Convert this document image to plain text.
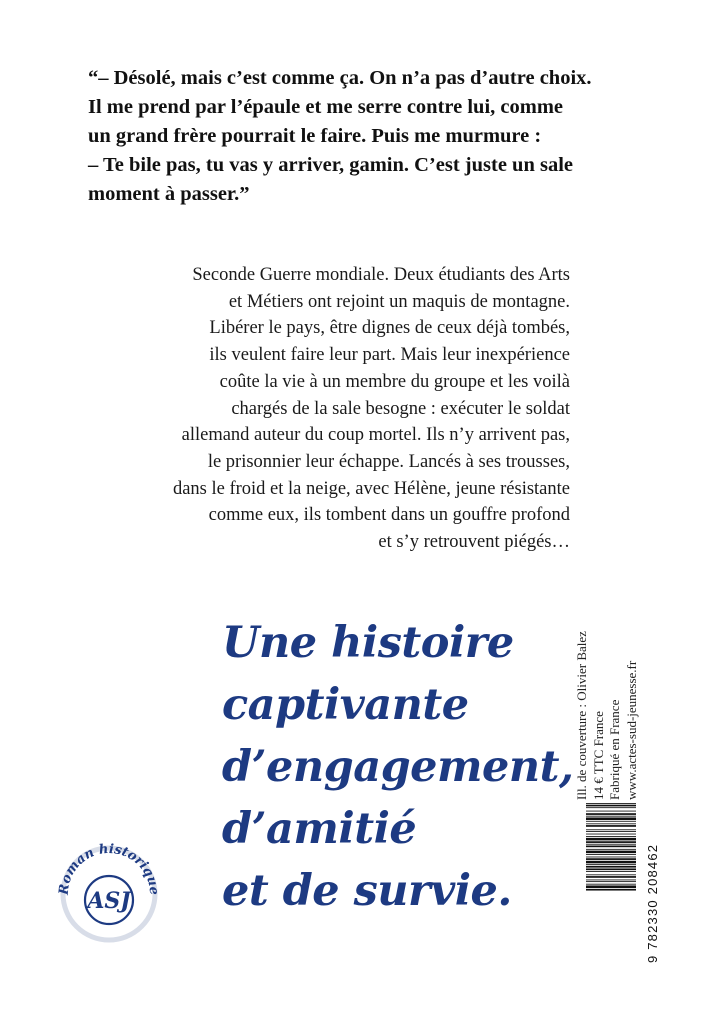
“– Désolé, mais c’est comme ça. On n’a pas d’autre choix.
Il me prend par l’épaule et me serre contre lui, comme
un grand frère pourrait le faire. Puis me murmure :
– Te bile pas, tu vas y arriver, gamin. C’est juste un sale
moment à passer.”
Seconde Guerre mondiale. Deux étudiants des Arts
et Métiers ont rejoint un maquis de montagne.
Libérer le pays, être dignes de ceux déjà tombés,
ils veulent faire leur part. Mais leur inexpérience
coûte la vie à un membre du groupe et les voilà
chargés de la sale besogne : exécuter le soldat
allemand auteur du coup mortel. Ils n’y arrivent pas,
le prisonnier leur échappe. Lancés à ses trousses,
dans le froid et la neige, avec Hélène, jeune résistante
comme eux, ils tombent dans un gouffre profond
et s’y retrouvent piégés…
Une histoire
captivante
d’engagement,
d’amitié
et de survie.
Ill. de couverture : Olivier Balez 14 € TTC France Fabriqué en France www.actes-sud-jeunesse.fr
9 782330 208462
Roman historique
ASJ
